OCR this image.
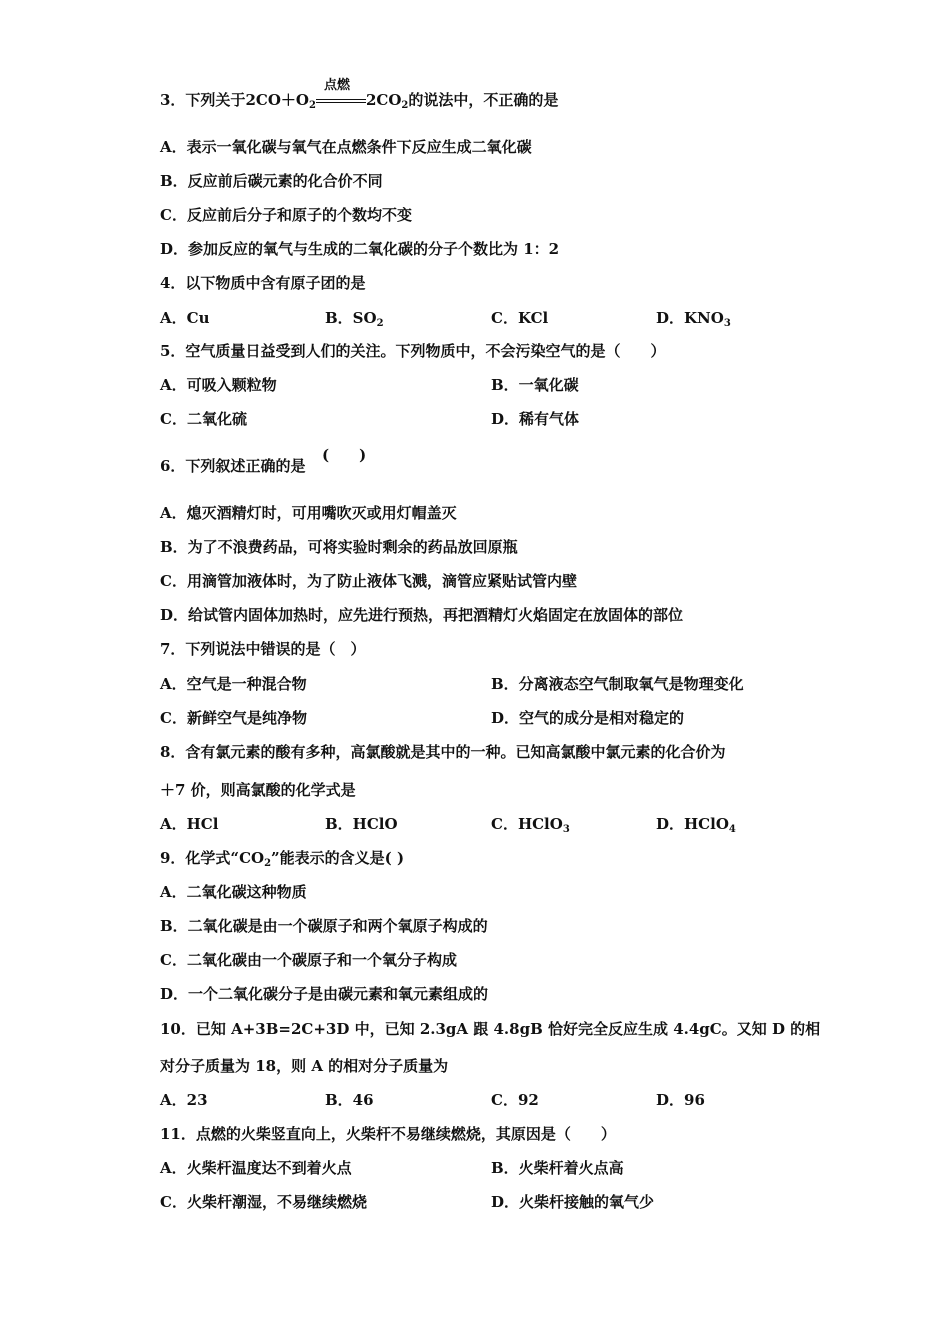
3．下列关于$2CO+O_2$
点燃
$2CO_2$的说法中，不正确的是
A．表示一氧化碳与氧气在点燃条件下反应生成二氧化碳
B．反应前后碳元素的化合价不同
C．反应前后分子和原子的个数均不变
D．参加反应的氧气与生成的二氧化碳的分子个数比为 1：2
4．以下物质中含有原子团的是
A．Cu	B．$SO_2$	C．KCl	D．$KNO_3$
5．空气质量日益受到人们的关注。下列物质中，不会污染空气的是（　　）
A．可吸入颗粒物	B．一氧化碳
C．二氧化硫	D．稀有气体
6．下列叙述正确的是
(　　)
A．熄灭酒精灯时，可用嘴吹灭或用灯帽盖灭
B．为了不浪费药品，可将实验时剩余的药品放回原瓶
C．用滴管加液体时，为了防止液体飞溅，滴管应紧贴试管内壁
D．给试管内固体加热时，应先进行预热，再把酒精灯火焰固定在放固体的部位
7．下列说法中错误的是（　）
A．空气是一种混合物	B．分离液态空气制取氧气是物理变化
C．新鲜空气是纯净物	D．空气的成分是相对稳定的
8．含有氯元素的酸有多种，高氯酸就是其中的一种。已知高氯酸中氯元素的化合价为
＋7 价，则高氯酸的化学式是
A．HCl	B．HClO	C．HClO$_3$	D．HClO$_4$
9．化学式“$CO_2$”能表示的含义是( )
A．二氧化碳这种物质
B．二氧化碳是由一个碳原子和两个氧原子构成的
C．二氧化碳由一个碳原子和一个氧分子构成
D．一个二氧化碳分子是由碳元素和氧元素组成的
10．已知 A+3B=2C+3D 中，已知 2.3gA 跟 4.8gB 恰好完全反应生成 4.4gC。又知 D 的相
对分子质量为 18，则 A 的相对分子质量为
A．23	B．46	C．92	D．96
11．点燃的火柴竖直向上，火柴杆不易继续燃烧，其原因是（　　）
A．火柴杆温度达不到着火点	B．火柴杆着火点高
C．火柴杆潮湿，不易继续燃烧	D．火柴杆接触的氧气少
